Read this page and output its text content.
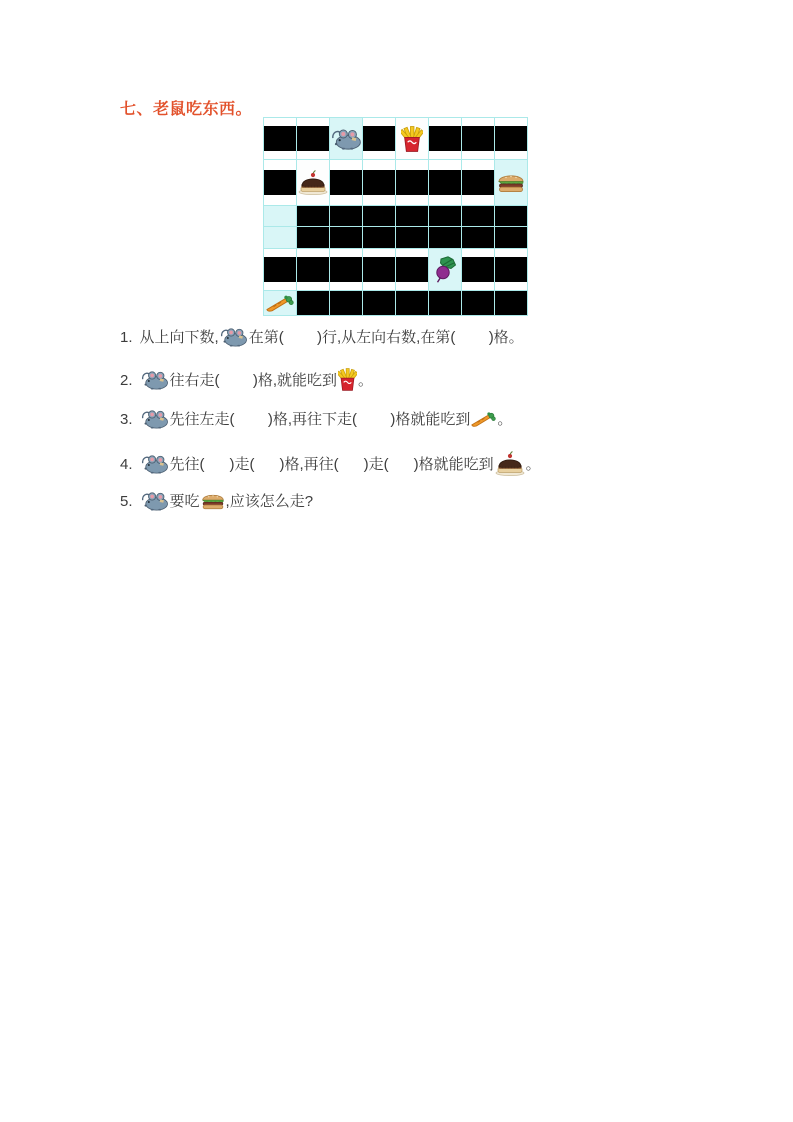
七、老鼠吃东西。
1. 从上向下数, 在第(        )行,从左向右数,在第(        )格。
2. 往右走(        )格,就能吃到 。
3. 先往左走(        )格,再往下走(        )格就能吃到 。
4. 先往(      )走(      )格,再往(      )走(      )格就能吃到 。
5. 要吃 ,应该怎么走?
